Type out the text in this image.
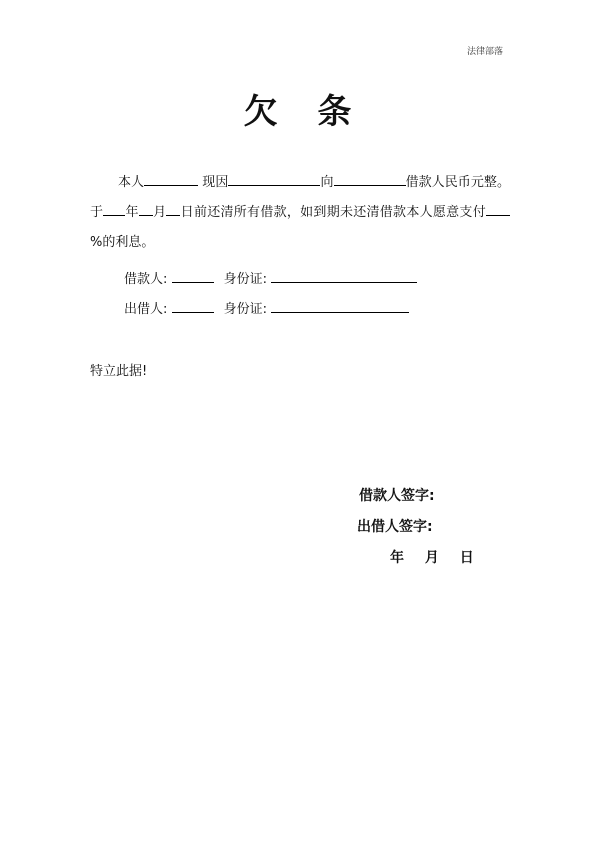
法律部落
欠 条
本人	现因	向	借款人民币元整。于 年 月 日前还清所有借款，如到期未还清借款本人愿意支付%的利息。
借款人:	身份证:
出借人:	身份证:
特立此据!
借款人签字:
出借人签字:
年 月 日
